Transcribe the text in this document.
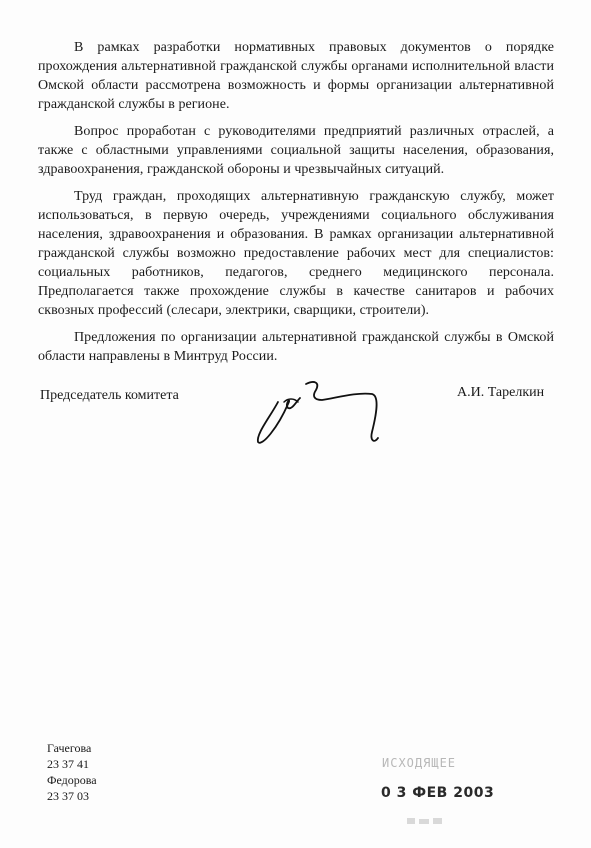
В рамках разработки нормативных правовых документов о порядке прохождения альтернативной гражданской службы органами исполнительной власти Омской области рассмотрена возможность и формы организации альтернативной гражданской службы в регионе.

Вопрос проработан с руководителями предприятий различных отраслей, а также с областными управлениями социальной защиты населения, образования, здравоохранения, гражданской обороны и чрезвычайных ситуаций.

Труд граждан, проходящих альтернативную гражданскую службу, может использоваться, в первую очередь, учреждениями социального обслуживания населения, здравоохранения и образования. В рамках организации альтернативной гражданской службы возможно предоставление рабочих мест для специалистов: социальных работников, педагогов, среднего медицинского персонала. Предполагается также прохождение службы в качестве санитаров и рабочих сквозных профессий (слесари, электрики, сварщики, строители).

Предложения по организации альтернативной гражданской службы в Омской области направлены в Минтруд России.

Председатель комитета	А.И. Тарелкин
Гачегова
23 37 41
Федорова
23 37 03
ИСХОДЯЩЕЕ
0 3 ФЕВ 2003
